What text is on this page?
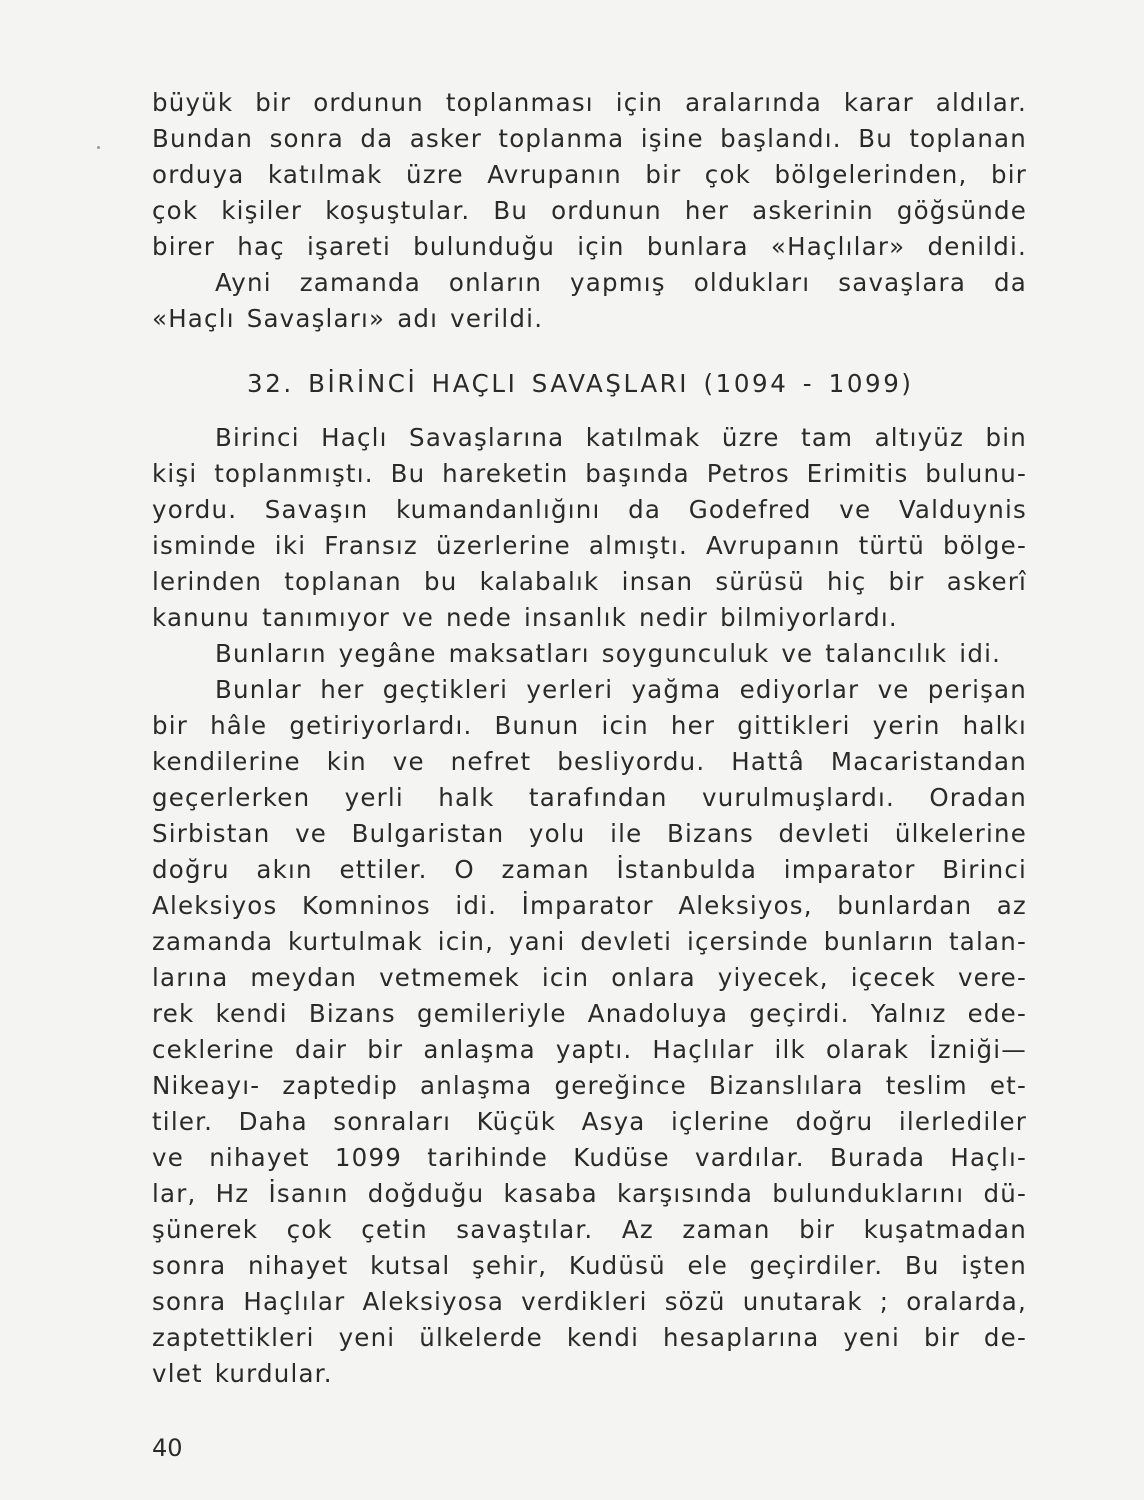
büyük bir ordunun toplanması için aralarında karar aldılar.
Bundan sonra da asker toplanma işine başlandı. Bu toplanan
orduya katılmak üzre Avrupanın bir çok bölgelerinden, bir
çok kişiler koşuştular. Bu ordunun her askerinin göğsünde
birer haç işareti bulunduğu için bunlara «Haçlılar» denildi.
Ayni zamanda onların yapmış oldukları savaşlara da
«Haçlı Savaşları» adı verildi.
32. BİRİNCİ HAÇLI SAVAŞLARI (1094 - 1099)
Birinci Haçlı Savaşlarına katılmak üzre tam altıyüz bin
kişi toplanmıştı. Bu hareketin başında Petros Erimitis bulunu-
yordu. Savaşın kumandanlığını da Godefred ve Valduynis
isminde iki Fransız üzerlerine almıştı. Avrupanın türtü bölge-
lerinden toplanan bu kalabalık insan sürüsü hiç bir askerî
kanunu tanımıyor ve nede insanlık nedir bilmiyorlardı.
Bunların yegâne maksatları soygunculuk ve talancılık idi.
Bunlar her geçtikleri yerleri yağma ediyorlar ve perişan
bir hâle getiriyorlardı. Bunun icin her gittikleri yerin halkı
kendilerine kin ve nefret besliyordu. Hattâ Macaristandan
geçerlerken yerli halk tarafından vurulmuşlardı. Oradan
Sirbistan ve Bulgaristan yolu ile Bizans devleti ülkelerine
doğru akın ettiler. O zaman İstanbulda imparator Birinci
Aleksiyos Komninos idi. İmparator Aleksiyos, bunlardan az
zamanda kurtulmak icin, yani devleti içersinde bunların talan-
larına meydan vetmemek icin onlara yiyecek, içecek vere-
rek kendi Bizans gemileriyle Anadoluya geçirdi. Yalnız ede-
ceklerine dair bir anlaşma yaptı. Haçlılar ilk olarak İzniği—
Nikeayı- zaptedip anlaşma gereğince Bizanslılara teslim et-
tiler. Daha sonraları Küçük Asya içlerine doğru ilerlediler
ve nihayet 1099 tarihinde Kudüse vardılar. Burada Haçlı-
lar, Hz İsanın doğduğu kasaba karşısında bulunduklarını dü-
şünerek çok çetin savaştılar. Az zaman bir kuşatmadan
sonra nihayet kutsal şehir, Kudüsü ele geçirdiler. Bu işten
sonra Haçlılar Aleksiyosa verdikleri sözü unutarak ; oralarda,
zaptettikleri yeni ülkelerde kendi hesaplarına yeni bir de-
vlet kurdular.
40
